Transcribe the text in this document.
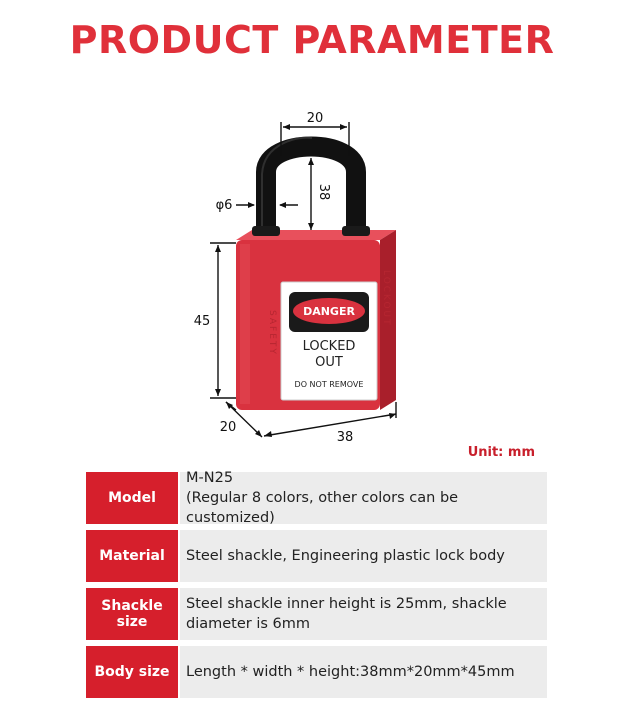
PRODUCT PARAMETER
SAFETY
LOCKOUT
DANGER
LOCKED
OUT
DO NOT REMOVE
20
38
φ6
45
20
38
Unit: mm
Model
M-N25
(Regular 8 colors, other colors can be customized)
Material	Steel shackle, Engineering plastic lock body
Shackle size
Steel shackle inner height is 25mm, shackle
diameter is 6mm
Body size	Length * width * height:38mm*20mm*45mm
